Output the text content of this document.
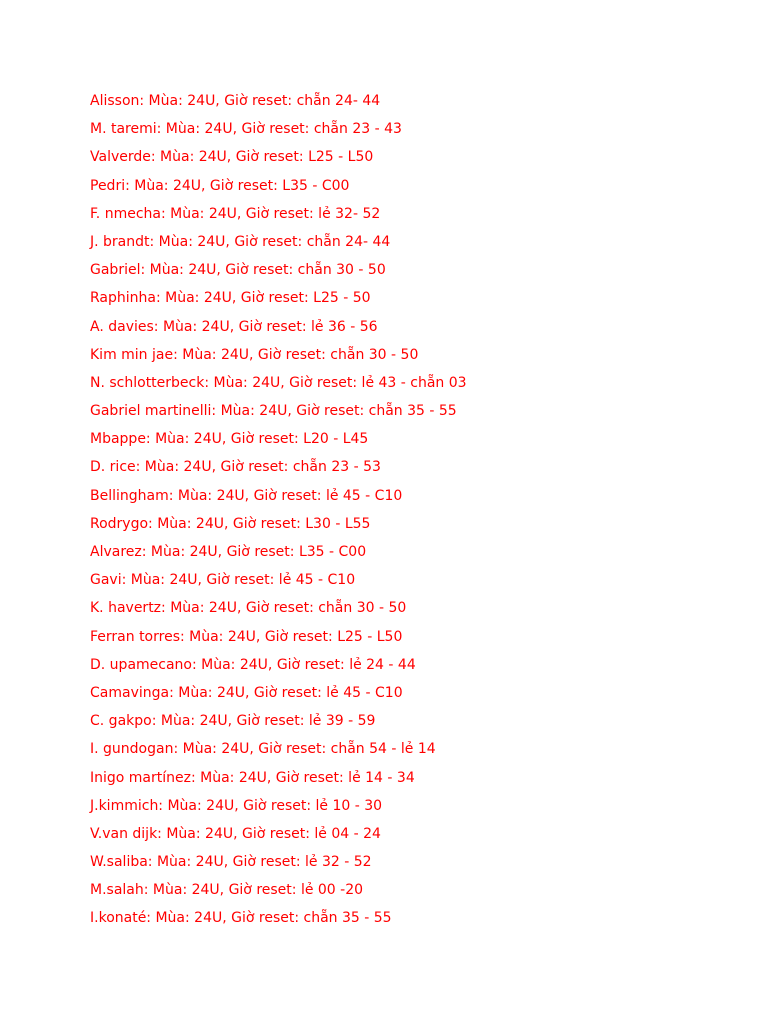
Alisson: Mùa: 24U, Giờ reset: chẵn 24- 44
M. taremi: Mùa: 24U, Giờ reset: chẵn 23 - 43
Valverde: Mùa: 24U, Giờ reset: L25 - L50
Pedri: Mùa: 24U, Giờ reset: L35 - C00
F. nmecha: Mùa: 24U, Giờ reset: lẻ 32- 52
J. brandt: Mùa: 24U, Giờ reset: chẵn 24- 44
Gabriel: Mùa: 24U, Giờ reset: chẵn 30 - 50
Raphinha: Mùa: 24U, Giờ reset: L25 - 50
A. davies: Mùa: 24U, Giờ reset: lẻ 36 - 56
Kim min jae: Mùa: 24U, Giờ reset: chẵn 30 - 50
N. schlotterbeck: Mùa: 24U, Giờ reset: lẻ 43 - chẵn 03
Gabriel martinelli: Mùa: 24U, Giờ reset: chẵn 35 - 55
Mbappe: Mùa: 24U, Giờ reset: L20 - L45
D. rice: Mùa: 24U, Giờ reset: chẵn 23 - 53
Bellingham: Mùa: 24U, Giờ reset: lẻ 45 - C10
Rodrygo: Mùa: 24U, Giờ reset: L30 - L55
Alvarez: Mùa: 24U, Giờ reset: L35 - C00
Gavi: Mùa: 24U, Giờ reset: lẻ 45 - C10
K. havertz: Mùa: 24U, Giờ reset: chẵn 30 - 50
Ferran torres: Mùa: 24U, Giờ reset: L25 - L50
D. upamecano: Mùa: 24U, Giờ reset: lẻ 24 - 44
Camavinga: Mùa: 24U, Giờ reset: lẻ 45 - C10
C. gakpo: Mùa: 24U, Giờ reset: lẻ 39 - 59
I. gundogan: Mùa: 24U, Giờ reset: chẵn 54 - lẻ 14
Inigo martínez: Mùa: 24U, Giờ reset: lẻ 14 - 34
J.kimmich: Mùa: 24U, Giờ reset: lẻ 10 - 30
V.van dijk: Mùa: 24U, Giờ reset: lẻ 04 - 24
W.saliba: Mùa: 24U, Giờ reset: lẻ 32 - 52
M.salah: Mùa: 24U, Giờ reset: lẻ 00 -20
I.konaté: Mùa: 24U, Giờ reset: chẵn 35 - 55
